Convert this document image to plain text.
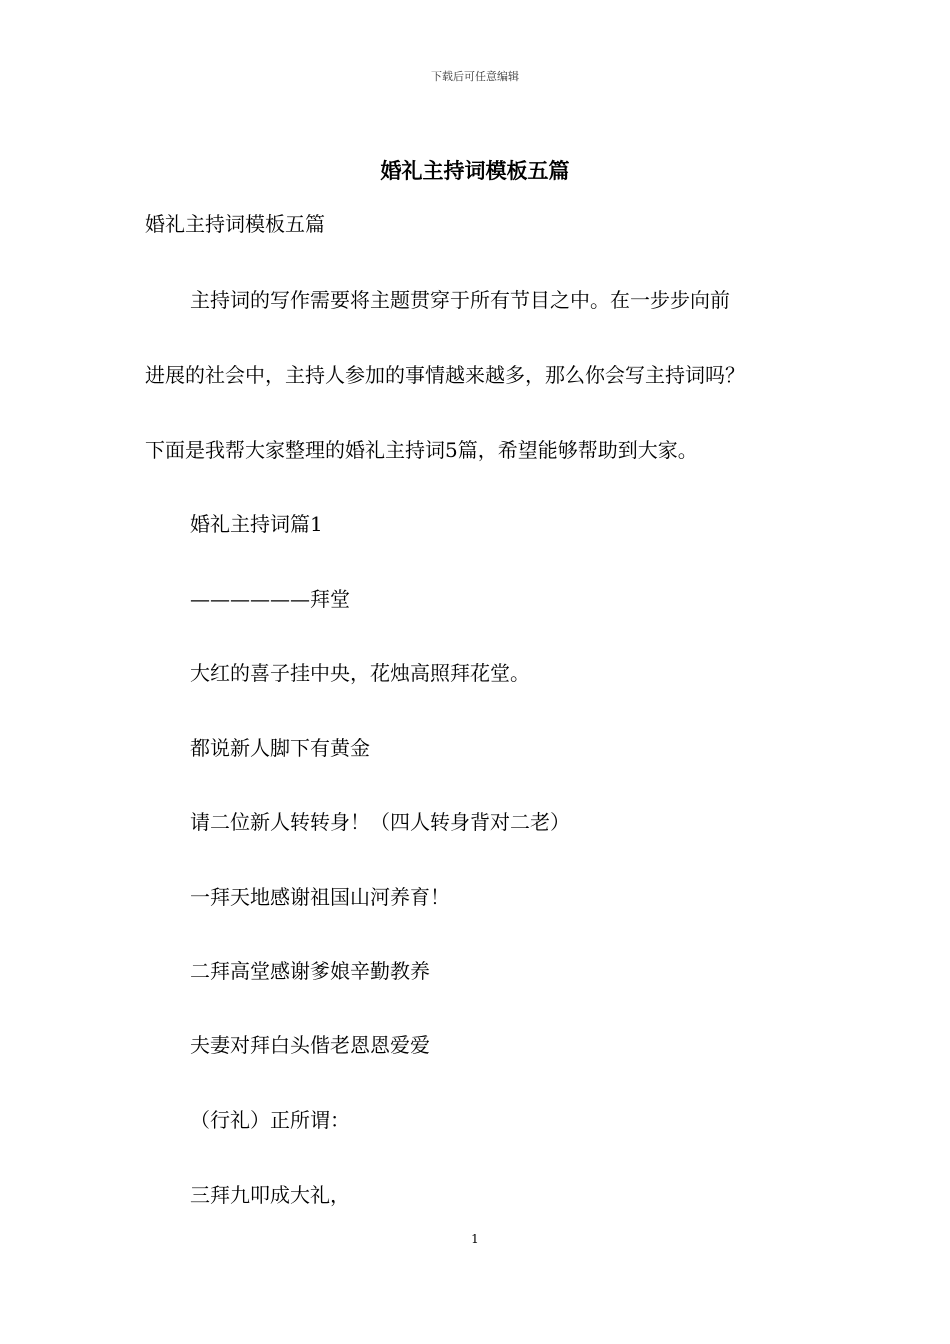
下载后可任意编辑
婚礼主持词模板五篇
婚礼主持词模板五篇
主持词的写作需要将主题贯穿于所有节目之中。在一步步向前
进展的社会中，主持人参加的事情越来越多，那么你会写主持词吗？
下面是我帮大家整理的婚礼主持词5篇，希望能够帮助到大家。
婚礼主持词篇1
——————拜堂
大红的喜子挂中央，花烛高照拜花堂。
都说新人脚下有黄金
请二位新人转转身！（四人转身背对二老）
一拜天地感谢祖国山河养育！
二拜高堂感谢爹娘辛勤教养
夫妻对拜白头偕老恩恩爱爱
（行礼）正所谓：
三拜九叩成大礼，
1
